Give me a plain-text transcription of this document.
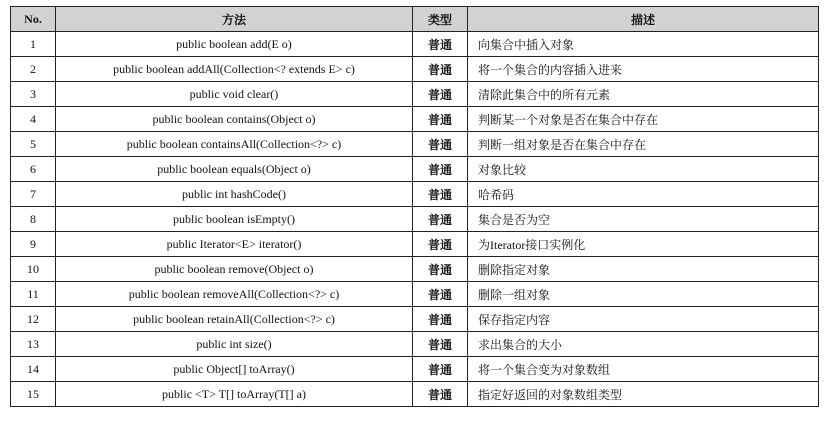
No.	方法	类型	描述
1	public boolean add(E o)	普通	向集合中插入对象
2	public boolean addAll(Collection<? extends E> c)	普通	将一个集合的内容插入进来
3	public void clear()	普通	清除此集合中的所有元素
4	public boolean contains(Object o)	普通	判断某一个对象是否在集合中存在
5	public boolean containsAll(Collection<?> c)	普通	判断一组对象是否在集合中存在
6	public boolean equals(Object o)	普通	对象比较
7	public int hashCode()	普通	哈希码
8	public boolean isEmpty()	普通	集合是否为空
9	public Iterator<E> iterator()	普通	为Iterator接口实例化
10	public boolean remove(Object o)	普通	删除指定对象
11	public boolean removeAll(Collection<?> c)	普通	删除一组对象
12	public boolean retainAll(Collection<?> c)	普通	保存指定内容
13	public int size()	普通	求出集合的大小
14	public Object[] toArray()	普通	将一个集合变为对象数组
15	public <T> T[] toArray(T[] a)	普通	指定好返回的对象数组类型
